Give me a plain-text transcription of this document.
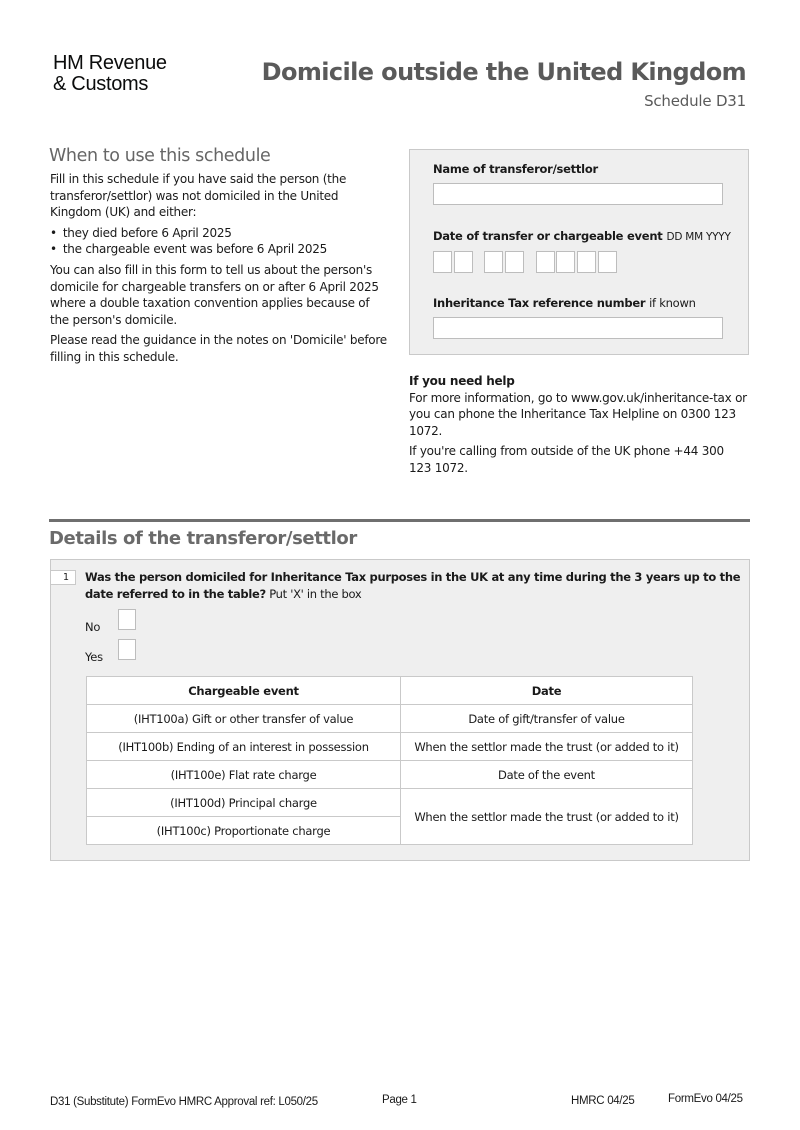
HM Revenue
& Customs	Domicile outside the United Kingdom
Schedule D31
When to use this schedule

Fill in this schedule if you have said the person (the transferor/settlor) was not domiciled in the United Kingdom (UK) and either:

• they died before 6 April 2025
• the chargeable event was before 6 April 2025

You can also fill in this form to tell us about the person's domicile for chargeable transfers on or after 6 April 2025 where a double taxation convention applies because of the person's domicile.

Please read the guidance in the notes on 'Domicile' before filling in this schedule.

Name of transferor/settlor
Date of transfer or chargeable event DD MM YYYY
Inheritance Tax reference number if known
If you need help

For more information, go to www.gov.uk/inheritance-tax or you can phone the Inheritance Tax Helpline on 0300 123 1072.

If you're calling from outside of the UK phone +44 300 123 1072.

Details of the transferor/settlor
1	Was the person domiciled for Inheritance Tax purposes in the UK at any time during the 3 years up to the date referred to in the table? Put 'X' in the box
No
Yes
Chargeable event	Date
(IHT100a) Gift or other transfer of value	Date of gift/transfer of value
(IHT100b) Ending of an interest in possession	When the settlor made the trust (or added to it)
(IHT100e) Flat rate charge	Date of the event
(IHT100d) Principal charge	When the settlor made the trust (or added to it)
(IHT100c) Proportionate charge	
D31 (Substitute) FormEvo HMRC Approval ref: L050/25	Page 1	HMRC 04/25	FormEvo 04/25
